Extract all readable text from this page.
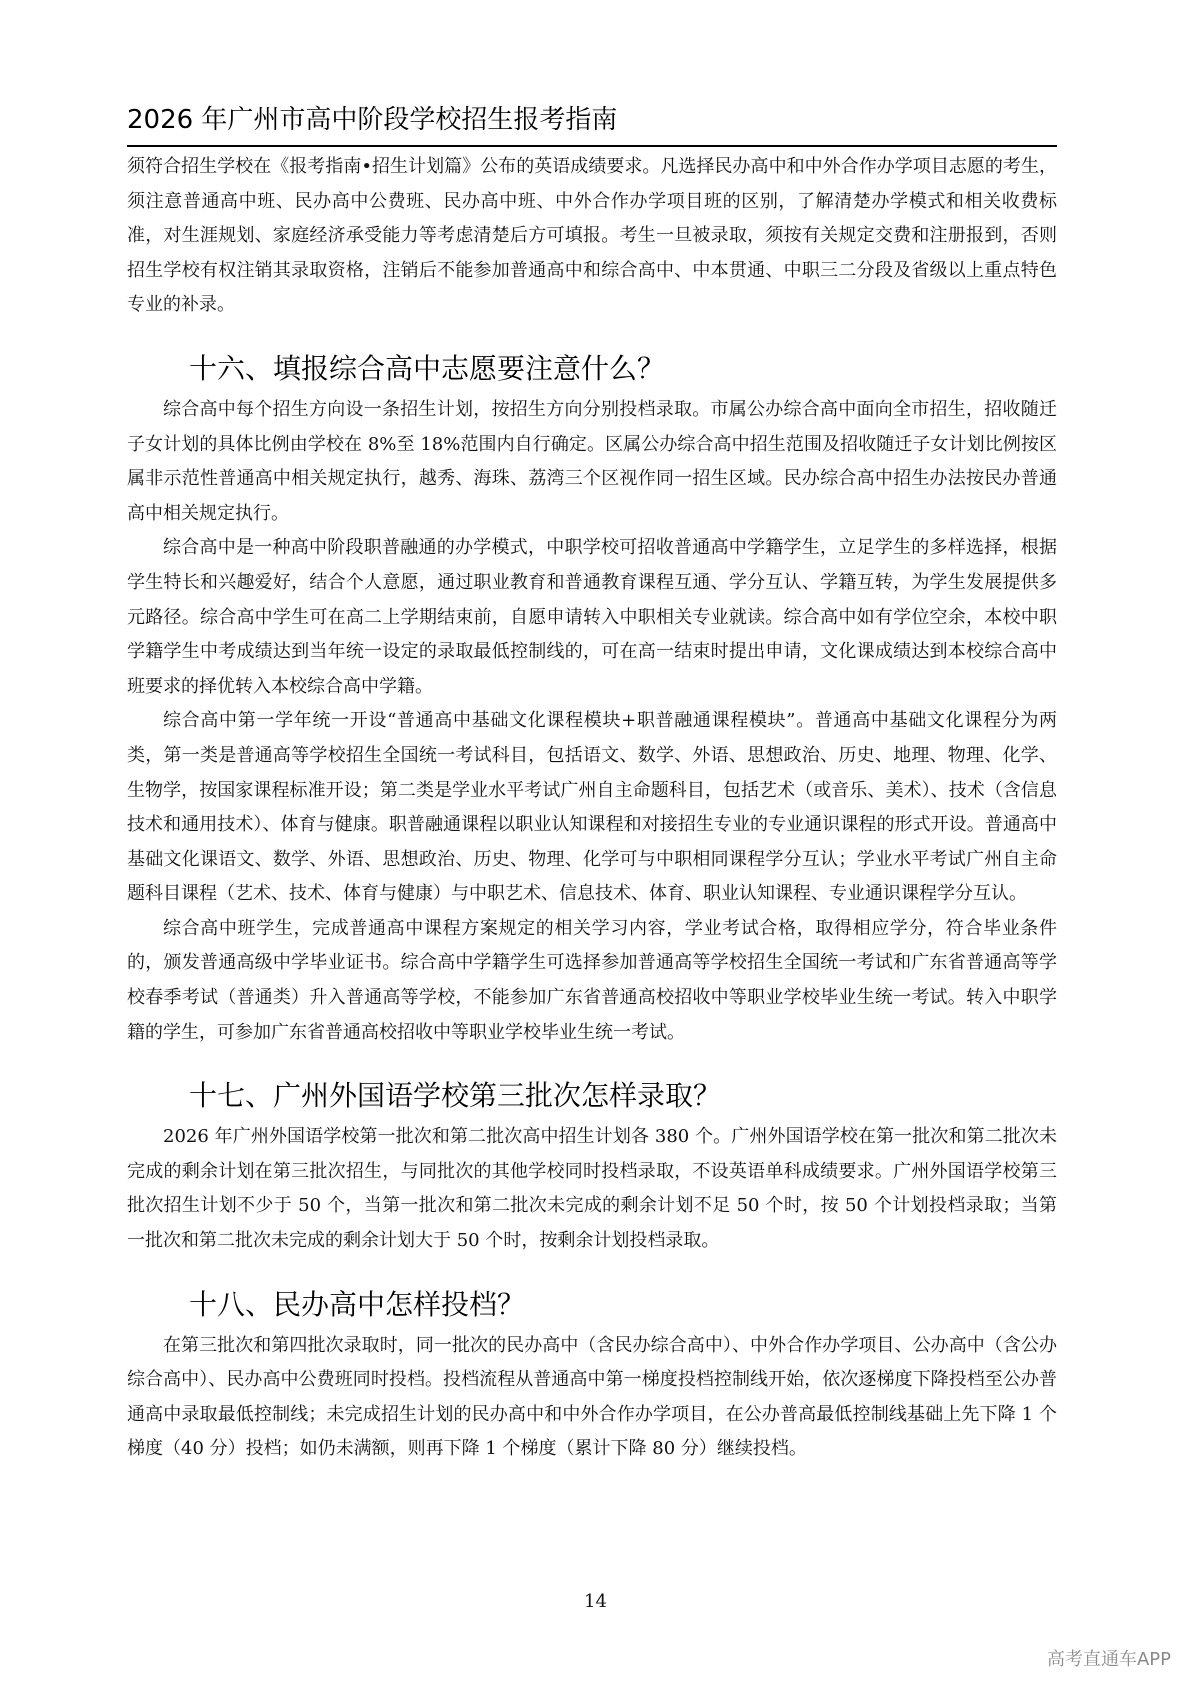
2026 年广州市高中阶段学校招生报考指南

须符合招生学校在《报考指南•招生计划篇》公布的英语成绩要求。凡选择民办高中和中外合作办学项目志愿的考生，须注意普通高中班、民办高中公费班、民办高中班、中外合作办学项目班的区别，了解清楚办学模式和相关收费标准，对生涯规划、家庭经济承受能力等考虑清楚后方可填报。考生一旦被录取，须按有关规定交费和注册报到，否则招生学校有权注销其录取资格，注销后不能参加普通高中和综合高中、中本贯通、中职三二分段及省级以上重点特色专业的补录。

十六、填报综合高中志愿要注意什么？

综合高中每个招生方向设一条招生计划，按招生方向分别投档录取。市属公办综合高中面向全市招生，招收随迁子女计划的具体比例由学校在 8%至 18%范围内自行确定。区属公办综合高中招生范围及招收随迁子女计划比例按区属非示范性普通高中相关规定执行，越秀、海珠、荔湾三个区视作同一招生区域。民办综合高中招生办法按民办普通高中相关规定执行。

综合高中是一种高中阶段职普融通的办学模式，中职学校可招收普通高中学籍学生，立足学生的多样选择，根据学生特长和兴趣爱好，结合个人意愿，通过职业教育和普通教育课程互通、学分互认、学籍互转，为学生发展提供多元路径。综合高中学生可在高二上学期结束前，自愿申请转入中职相关专业就读。综合高中如有学位空余，本校中职学籍学生中考成绩达到当年统一设定的录取最低控制线的，可在高一结束时提出申请，文化课成绩达到本校综合高中班要求的择优转入本校综合高中学籍。

综合高中第一学年统一开设“普通高中基础文化课程模块+职普融通课程模块”。普通高中基础文化课程分为两类，第一类是普通高等学校招生全国统一考试科目，包括语文、数学、外语、思想政治、历史、地理、物理、化学、生物学，按国家课程标准开设；第二类是学业水平考试广州自主命题科目，包括艺术（或音乐、美术）、技术（含信息技术和通用技术）、体育与健康。职普融通课程以职业认知课程和对接招生专业的专业通识课程的形式开设。普通高中基础文化课语文、数学、外语、思想政治、历史、物理、化学可与中职相同课程学分互认；学业水平考试广州自主命题科目课程（艺术、技术、体育与健康）与中职艺术、信息技术、体育、职业认知课程、专业通识课程学分互认。

综合高中班学生，完成普通高中课程方案规定的相关学习内容，学业考试合格，取得相应学分，符合毕业条件的，颁发普通高级中学毕业证书。综合高中学籍学生可选择参加普通高等学校招生全国统一考试和广东省普通高等学校春季考试（普通类）升入普通高等学校，不能参加广东省普通高校招收中等职业学校毕业生统一考试。转入中职学籍的学生，可参加广东省普通高校招收中等职业学校毕业生统一考试。

十七、广州外国语学校第三批次怎样录取？

2026 年广州外国语学校第一批次和第二批次高中招生计划各 380 个。广州外国语学校在第一批次和第二批次未完成的剩余计划在第三批次招生，与同批次的其他学校同时投档录取，不设英语单科成绩要求。广州外国语学校第三批次招生计划不少于 50 个，当第一批次和第二批次未完成的剩余计划不足 50 个时，按 50 个计划投档录取；当第一批次和第二批次未完成的剩余计划大于 50 个时，按剩余计划投档录取。

十八、民办高中怎样投档？

在第三批次和第四批次录取时，同一批次的民办高中（含民办综合高中）、中外合作办学项目、公办高中（含公办综合高中）、民办高中公费班同时投档。投档流程从普通高中第一梯度投档控制线开始，依次逐梯度下降投档至公办普通高中录取最低控制线；未完成招生计划的民办高中和中外合作办学项目，在公办普高最低控制线基础上先下降 1 个梯度（40 分）投档；如仍未满额，则再下降 1 个梯度（累计下降 80 分）继续投档。

14
高考直通车APP
